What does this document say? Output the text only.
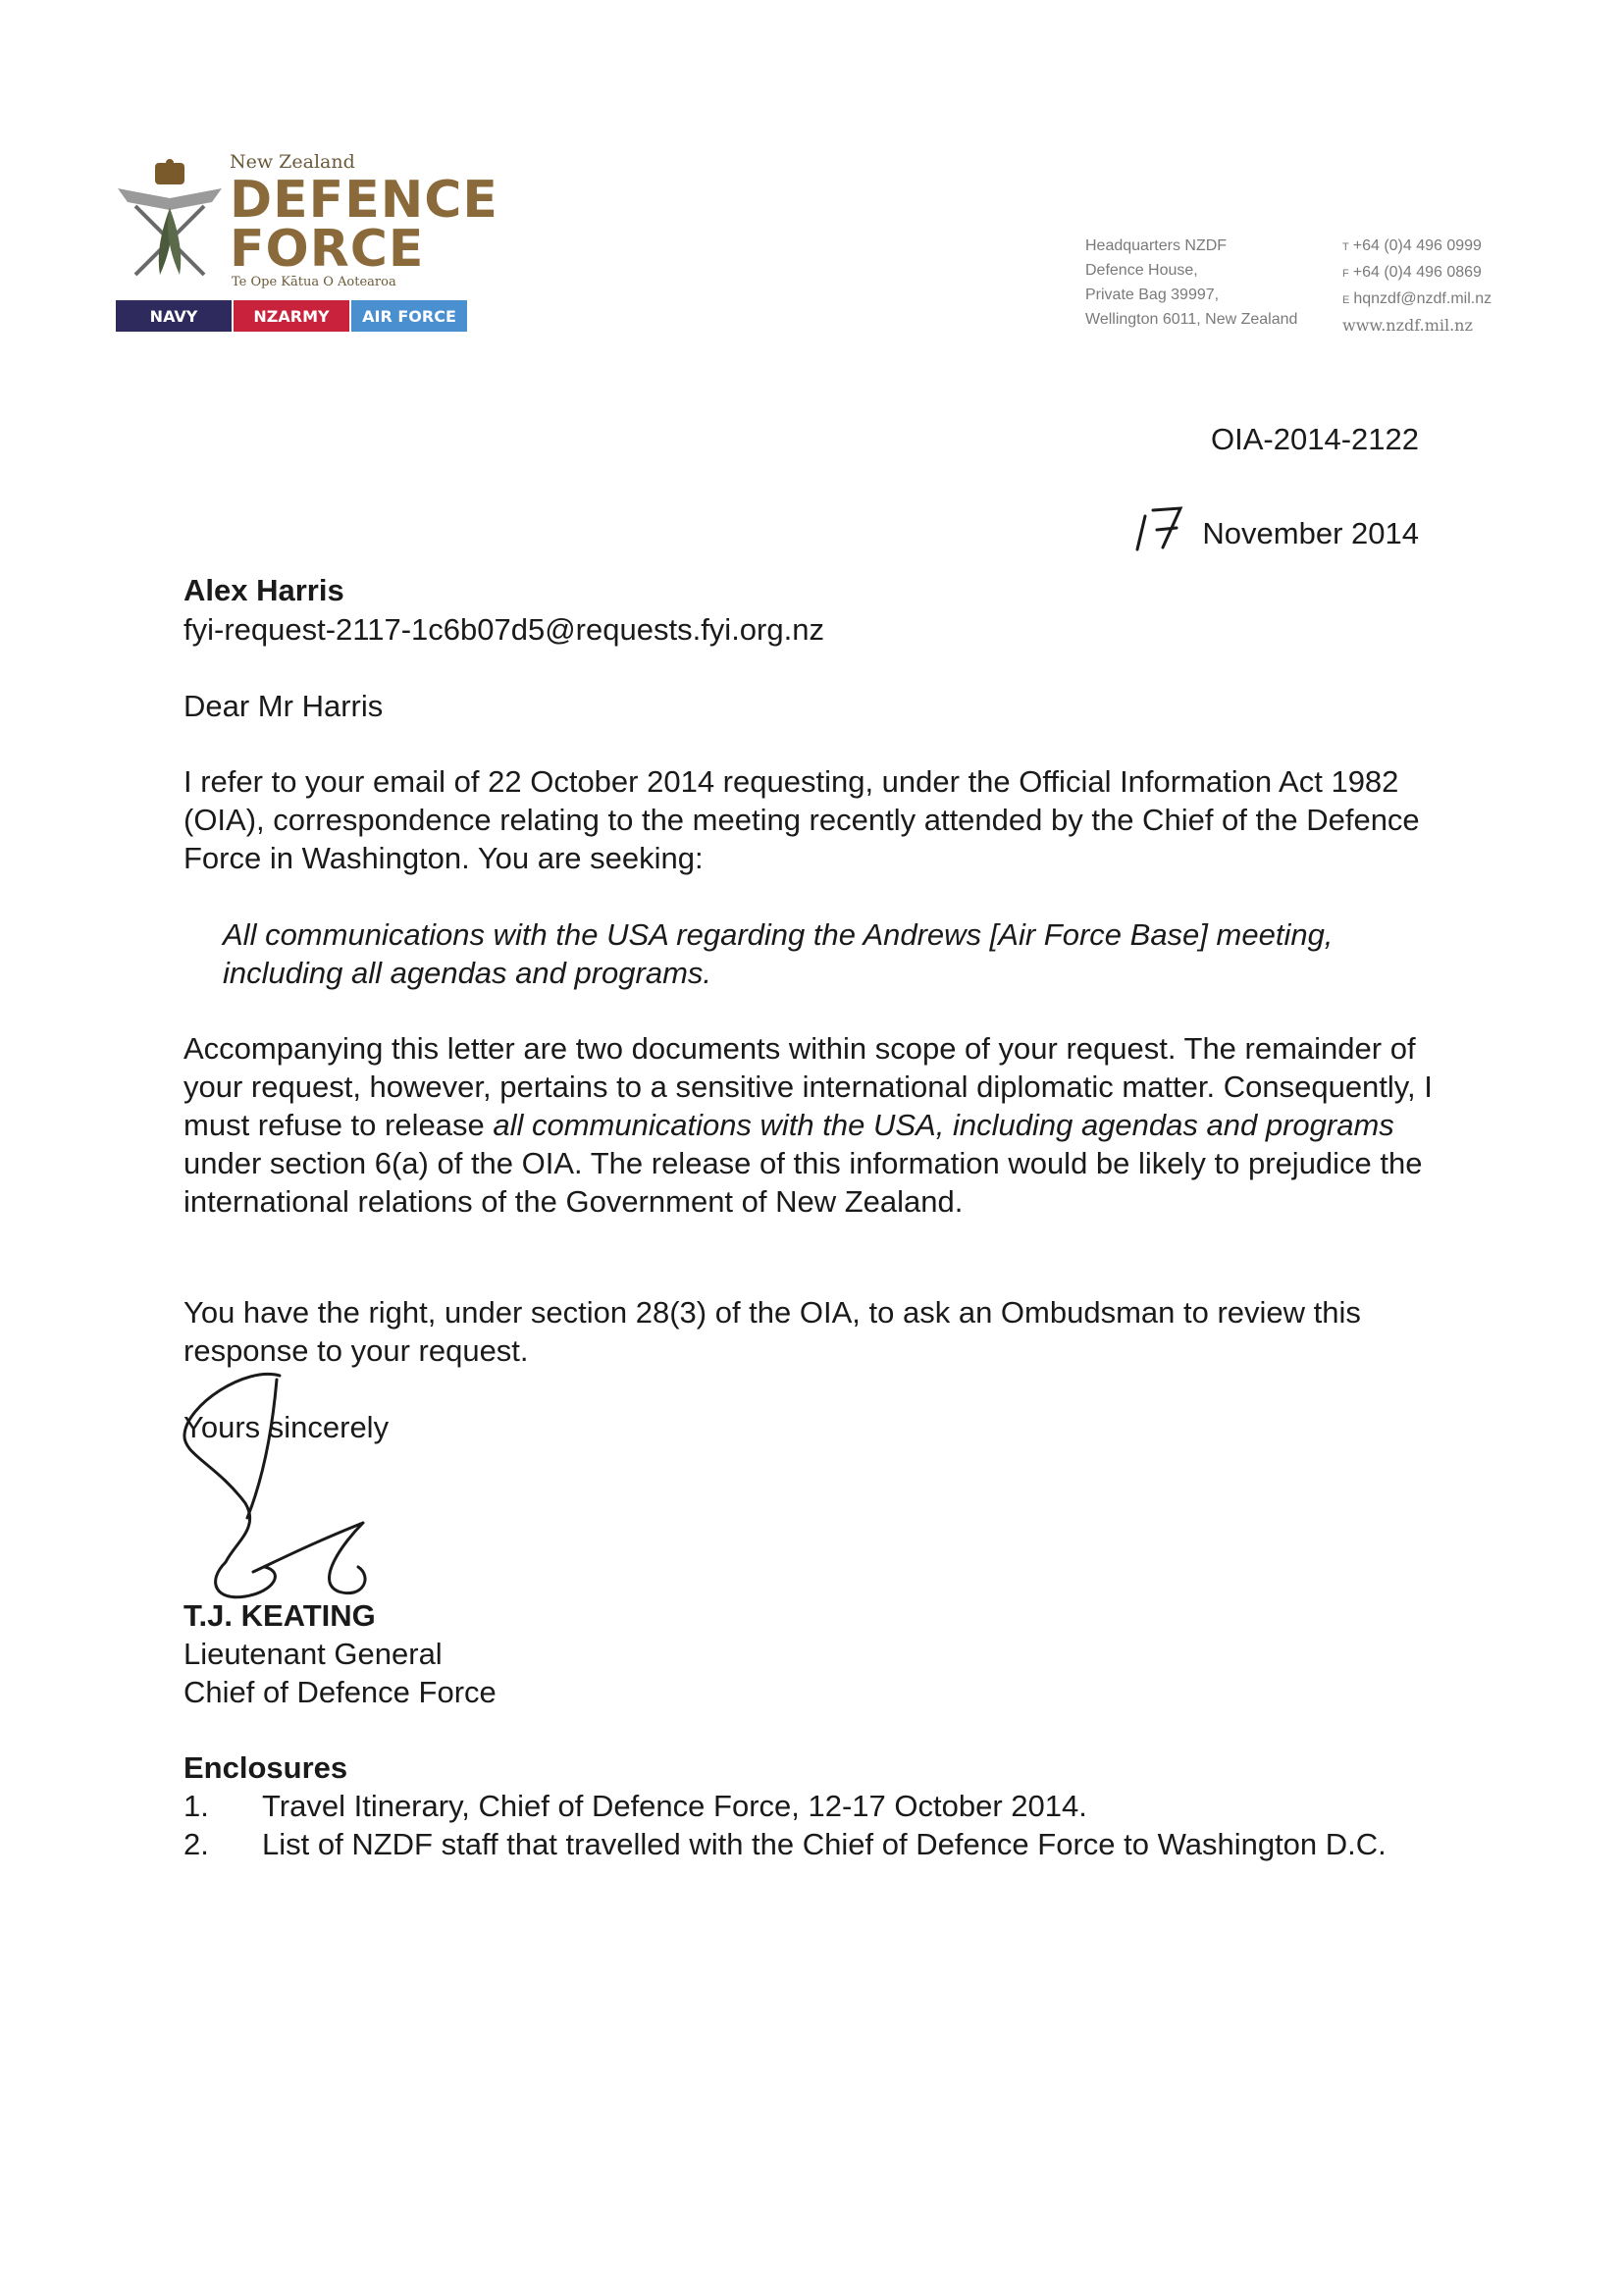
New Zealand
DEFENCE
FORCE
Te Ope Kātua O Aotearoa
NAVY	NZARMY	AIR FORCE
Headquarters NZDF
Defence House,
Private Bag 39997,
Wellington 6011, New Zealand
T +64 (0)4 496 0999
F +64 (0)4 496 0869
E hqnzdf@nzdf.mil.nz
www.nzdf.mil.nz
OIA-2014-2122
November 2014
Alex Harris
fyi-request-2117-1c6b07d5@requests.fyi.org.nz

Dear Mr Harris

I refer to your email of 22 October 2014 requesting, under the Official Information Act 1982 (OIA), correspondence relating to the meeting recently attended by the Chief of the Defence Force in Washington. You are seeking:

All communications with the USA regarding the Andrews [Air Force Base] meeting, including all agendas and programs.

Accompanying this letter are two documents within scope of your request. The remainder of your request, however, pertains to a sensitive international diplomatic matter. Consequently, I must refuse to release all communications with the USA, including agendas and programs under section 6(a) of the OIA. The release of this information would be likely to prejudice the international relations of the Government of New Zealand.

You have the right, under section 28(3) of the OIA, to ask an Ombudsman to review this response to your request.

Yours sincerely

T.J. KEATING

Lieutenant General

Chief of Defence Force

Enclosures

1.	Travel Itinerary, Chief of Defence Force, 12-17 October 2014.
2.	List of NZDF staff that travelled with the Chief of Defence Force to Washington D.C.
